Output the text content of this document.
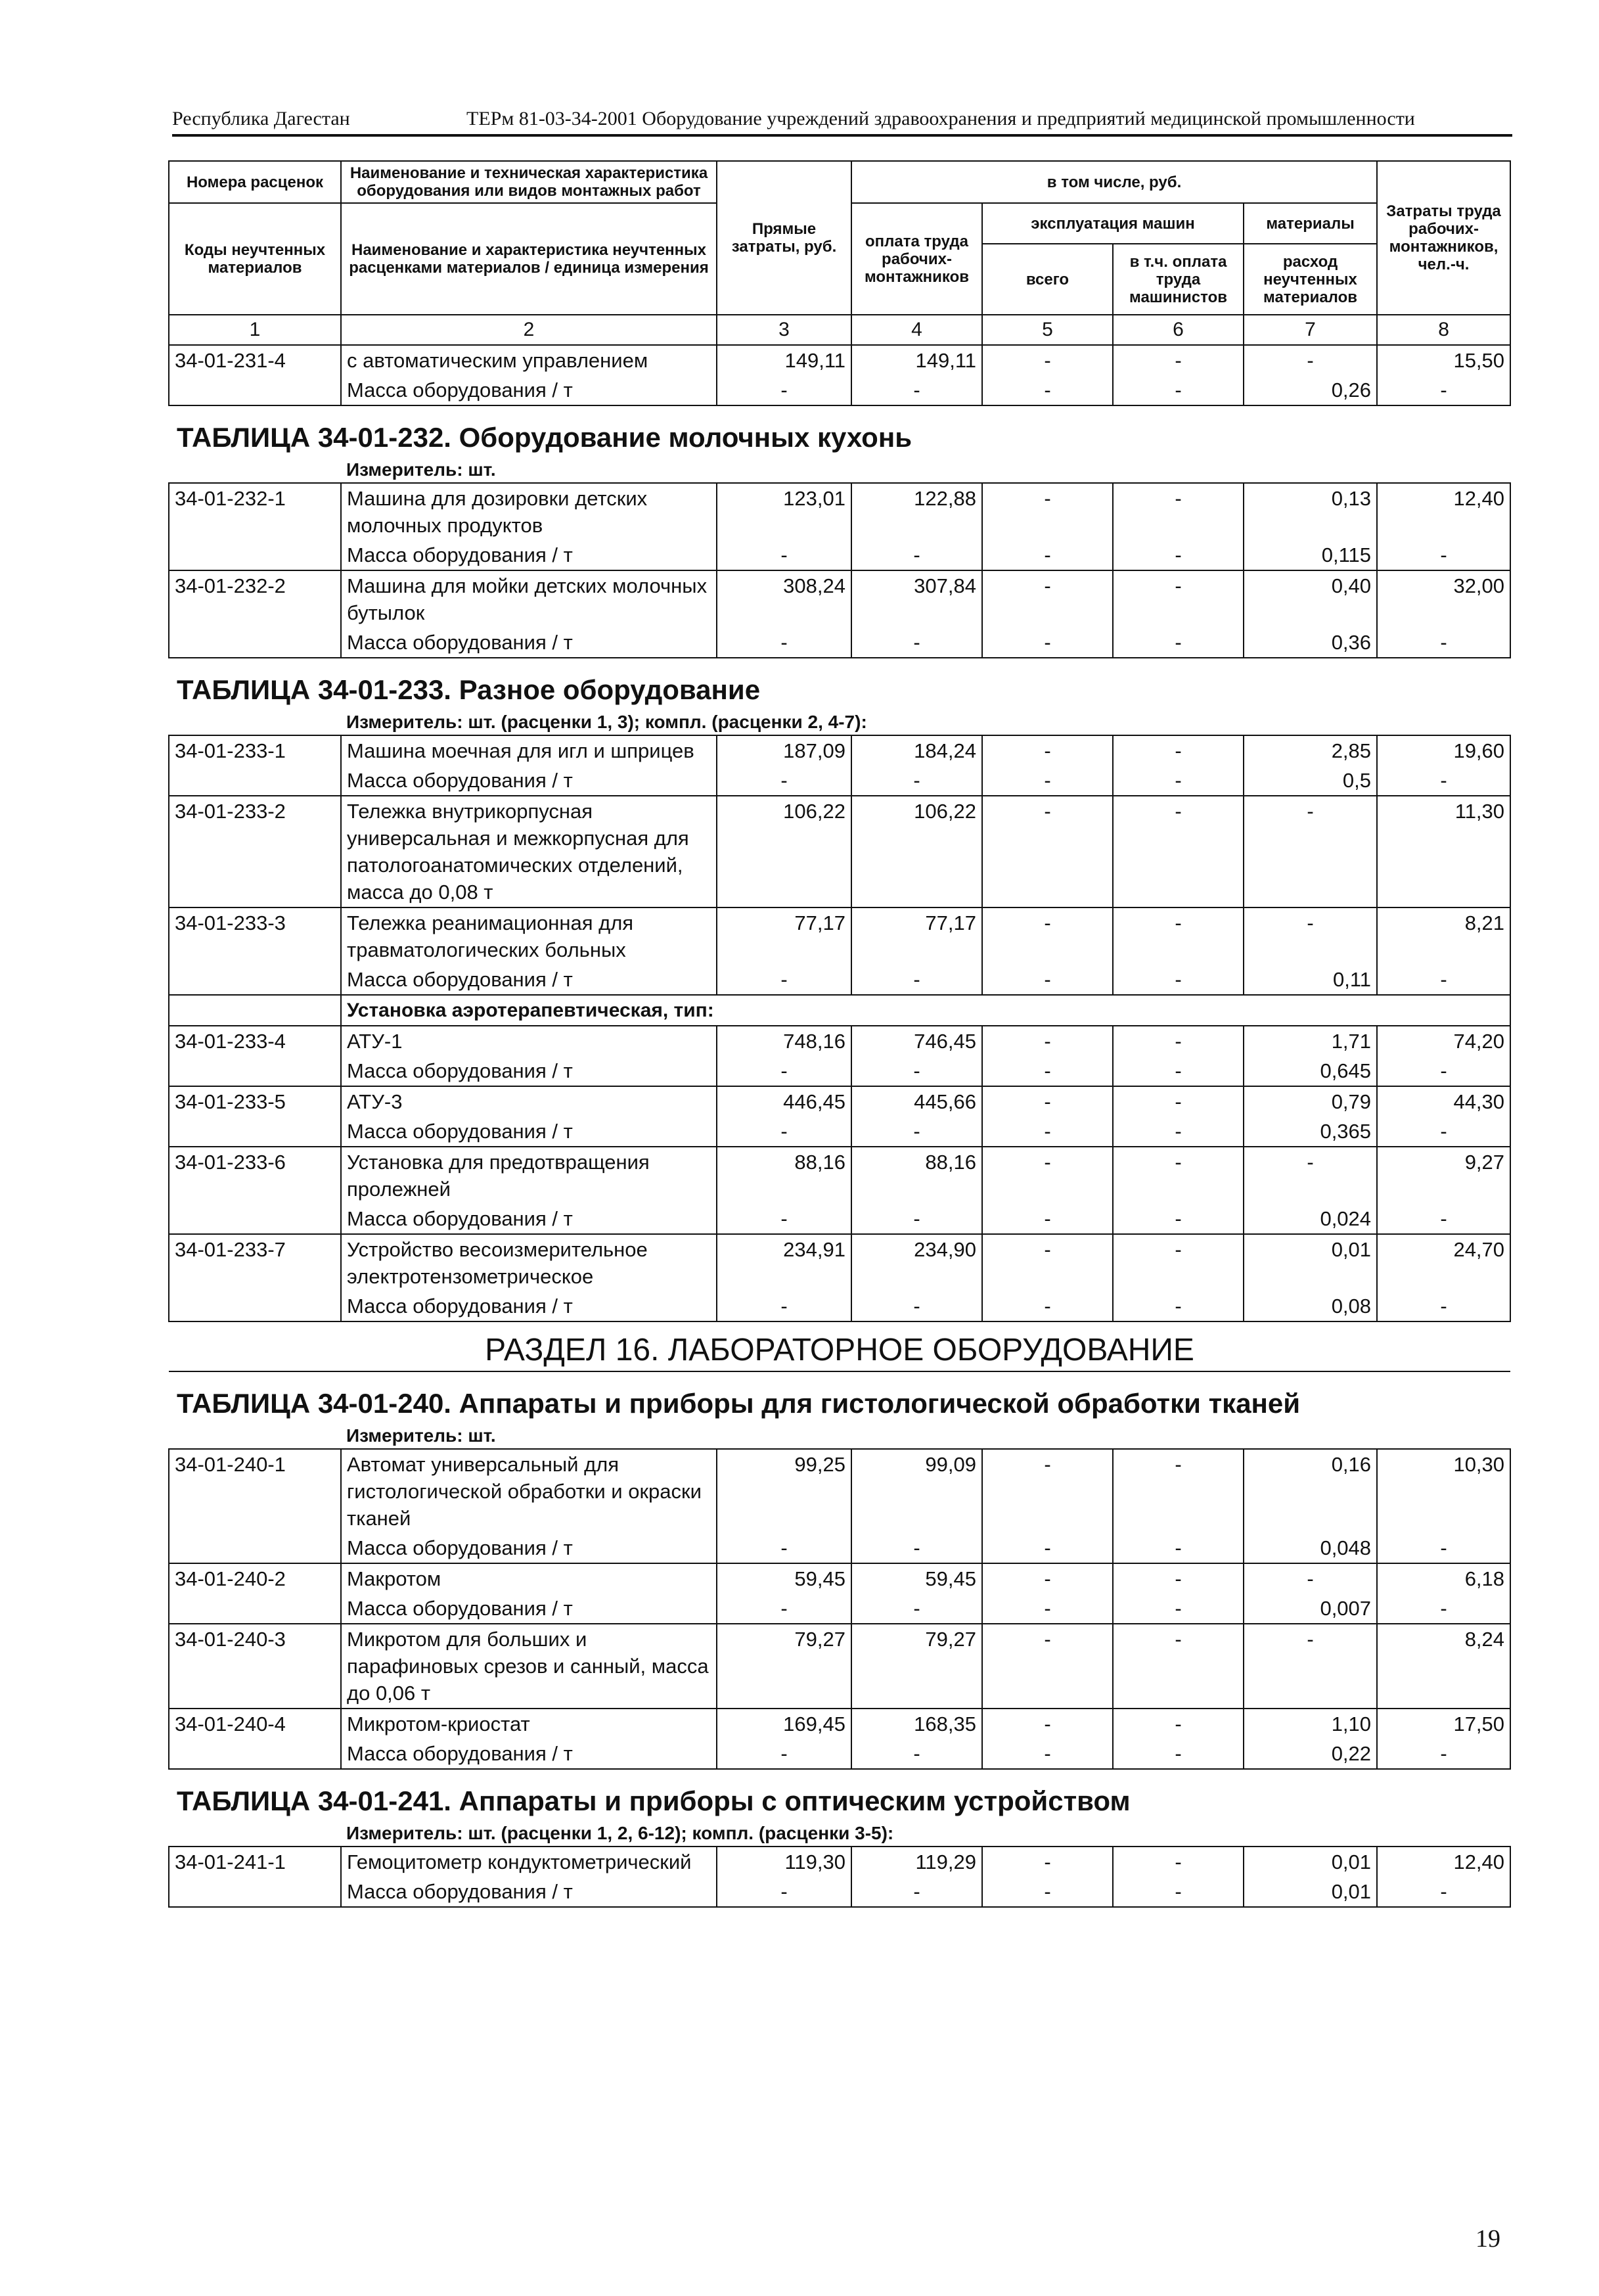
Республика Дагестан	ТЕРм 81-03-34-2001 Оборудование учреждений здравоохранения и предприятий медицинской промышленности
Номера расценок	Наименование и техническая характеристика оборудования или видов монтажных работ	Прямые затраты, руб.	в том числе, руб.				Затраты труда рабочих-монтажников, чел.-ч.
Коды неучтенных материалов	Наименование и характеристика неучтенных расценками материалов / единица измерения		оплата труда рабочих-монтажников	эксплуатация машин		материалы	
				всего	в т.ч. оплата труда машинистов	расход неучтенных материалов	
1	2	3	4	5	6	7	8
34-01-231-4	с автоматическим управлением	149,11	149,11	-	-	-	15,50
	Масса оборудования / т	-	-	-	-	0,26	-
ТАБЛИЦА 34-01-232. Оборудование молочных кухонь							
	Измеритель: шт.						
34-01-232-1	Машина для дозировки детских молочных продуктов	123,01	122,88	-	-	0,13	12,40
	Масса оборудования / т	-	-	-	-	0,115	-
34-01-232-2	Машина для мойки детских молочных бутылок	308,24	307,84	-	-	0,40	32,00
	Масса оборудования / т	-	-	-	-	0,36	-
ТАБЛИЦА 34-01-233. Разное оборудование							
	Измеритель: шт. (расценки 1, 3); компл. (расценки 2, 4-7):						
34-01-233-1	Машина моечная для игл и шприцев	187,09	184,24	-	-	2,85	19,60
	Масса оборудования / т	-	-	-	-	0,5	-
34-01-233-2	Тележка внутрикорпусная универсальная и межкорпусная для патологоанатомических отделений, масса до 0,08 т	106,22	106,22	-	-	-	11,30
34-01-233-3	Тележка реанимационная для травматологических больных	77,17	77,17	-	-	-	8,21
	Масса оборудования / т	-	-	-	-	0,11	-
	Установка аэротерапевтическая, тип:						
34-01-233-4	АТУ-1	748,16	746,45	-	-	1,71	74,20
	Масса оборудования / т	-	-	-	-	0,645	-
34-01-233-5	АТУ-3	446,45	445,66	-	-	0,79	44,30
	Масса оборудования / т	-	-	-	-	0,365	-
34-01-233-6	Установка для предотвращения пролежней	88,16	88,16	-	-	-	9,27
	Масса оборудования / т	-	-	-	-	0,024	-
34-01-233-7	Устройство весоизмерительное электротензометрическое	234,91	234,90	-	-	0,01	24,70
	Масса оборудования / т	-	-	-	-	0,08	-
РАЗДЕЛ 16. ЛАБОРАТОРНОЕ ОБОРУДОВАНИЕ							
ТАБЛИЦА 34-01-240. Аппараты и приборы для гистологической обработки тканей							
	Измеритель: шт.						
34-01-240-1	Автомат универсальный для гистологической обработки и окраски тканей	99,25	99,09	-	-	0,16	10,30
	Масса оборудования / т	-	-	-	-	0,048	-
34-01-240-2	Макротом	59,45	59,45	-	-	-	6,18
	Масса оборудования / т	-	-	-	-	0,007	-
34-01-240-3	Микротом для больших и парафиновых срезов и санный, масса до 0,06 т	79,27	79,27	-	-	-	8,24
34-01-240-4	Микротом-криостат	169,45	168,35	-	-	1,10	17,50
	Масса оборудования / т	-	-	-	-	0,22	-
ТАБЛИЦА 34-01-241. Аппараты и приборы с оптическим устройством							
	Измеритель: шт. (расценки 1, 2, 6-12); компл. (расценки 3-5):						
34-01-241-1	Гемоцитометр кондуктометрический	119,30	119,29	-	-	0,01	12,40
	Масса оборудования / т	-	-	-	-	0,01	-
19
